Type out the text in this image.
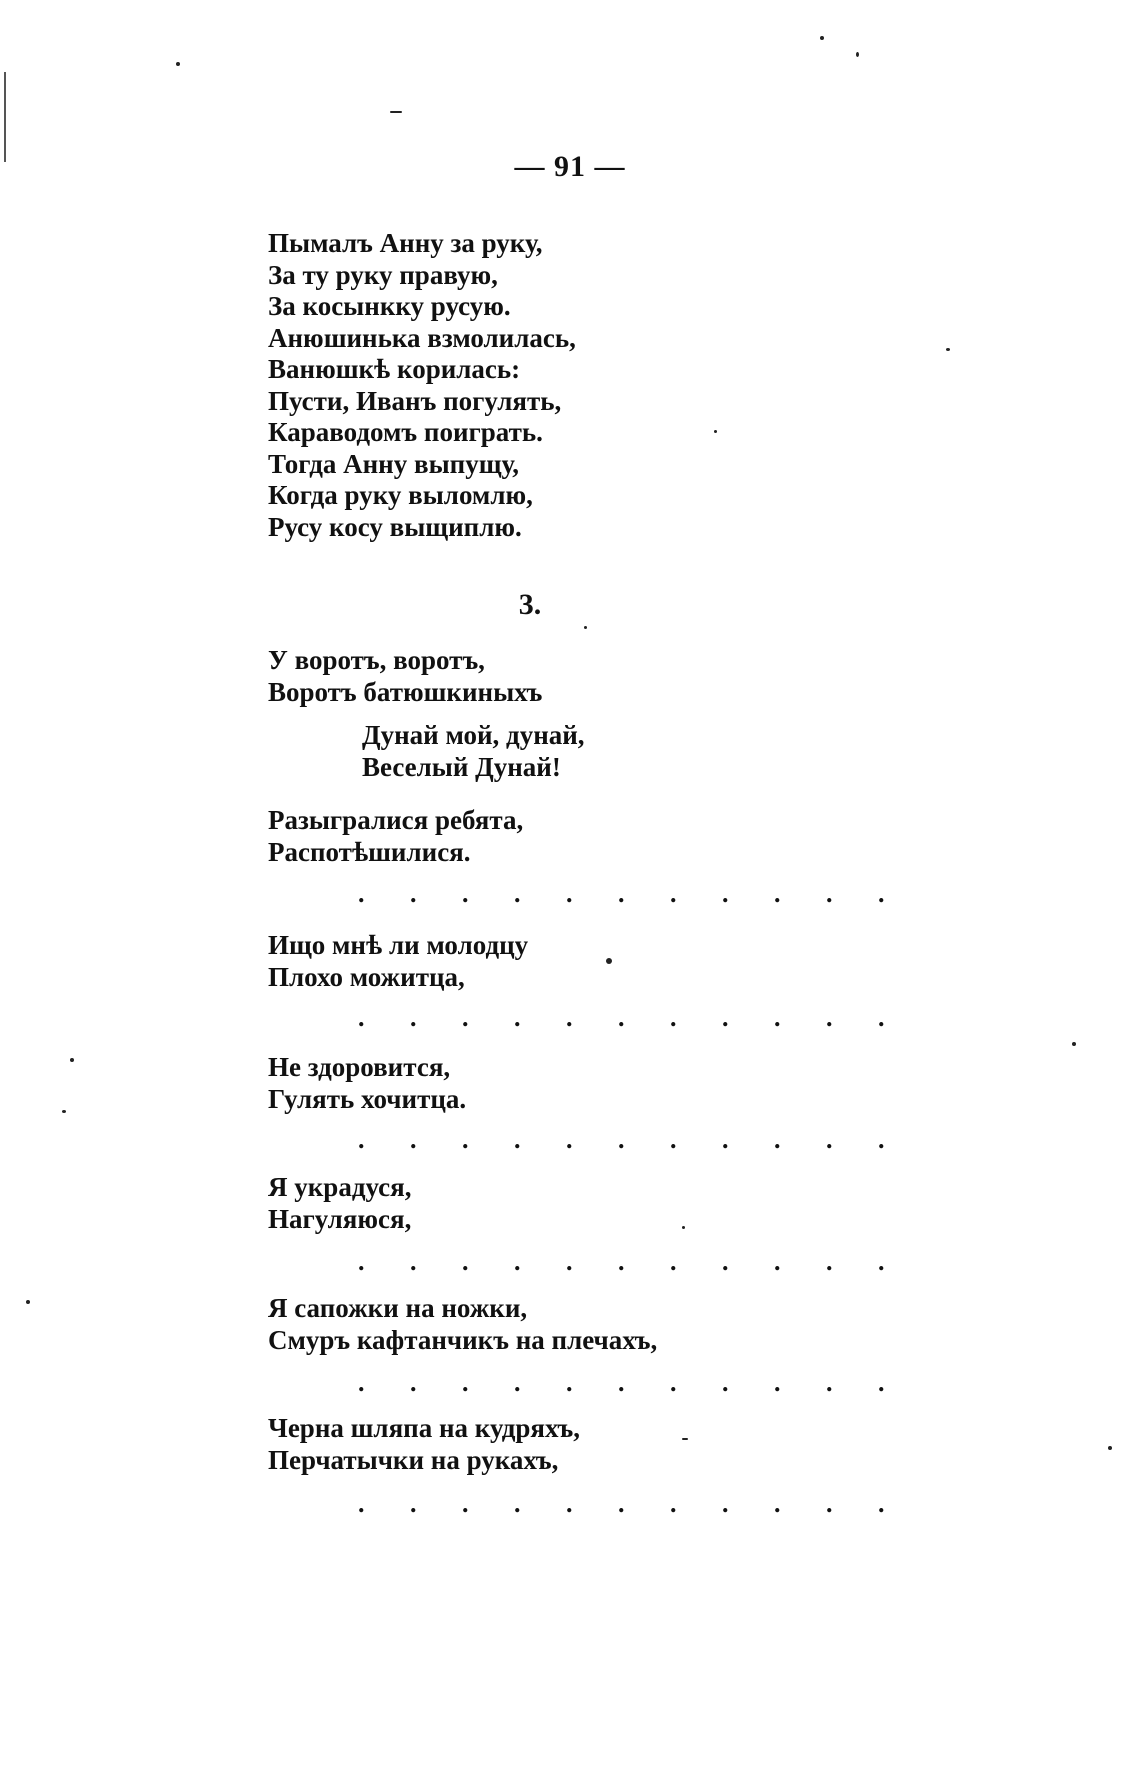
— 91 —
Пымалъ Анну за руку,
За ту руку правую,
За косынкку русую.
Анюшинька взмолилась,
Ванюшкѣ корилась:
Пусти, Иванъ погулять,
Караводомъ поиграть.
Тогда Анну выпущу,
Когда руку выломлю,
Русу косу выщиплю.
3.
У воротъ, воротъ,
Воротъ батюшкиныхъ
Дунай мой, дунай,
Веселый Дунай!
Разыгралися ребята,
Распотѣшилися.
. . . . . . . . . . .
Ищо мнѣ ли молодцу
Плохо можитца,
. . . . . . . . . . .
Не здоровится,
Гулять хочитца.
. . . . . . . . . . .
Я украдуся,
Нагуляюся,
. . . . . . . . . . .
Я сапожки на ножки,
Смуръ кафтанчикъ на плечахъ,
. . . . . . . . . . .
Черна шляпа на кудряхъ,
Перчатычки на рукахъ,
. . . . . . . . . . .
